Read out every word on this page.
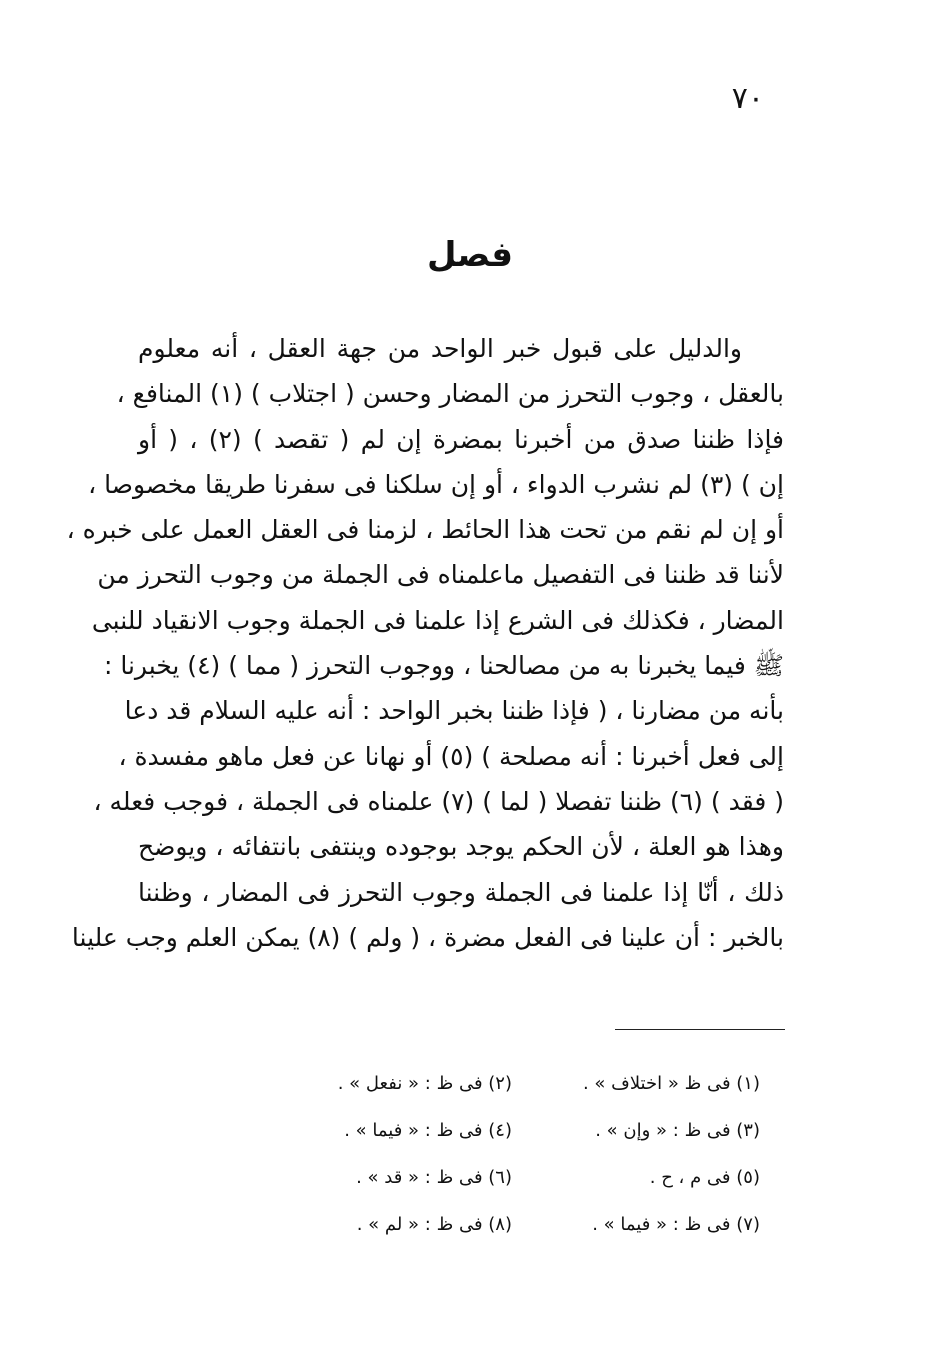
٧٠
فصل
والدليل على قبول خبر الواحد من جهة العقل ، أنه معلوم
بالعقل ، وجوب التحرز من المضار وحسن ( اجتلاب ) (١) المنافع ،
فإذا ظننا صدق من أخبرنا بمضرة إن لم ( تقصد ) (٢) ، ( أو
إن ) (٣) لم نشرب الدواء ، أو إن سلكنا فى سفرنا طريقا مخصوصا ،
أو إن لم نقم من تحت هذا الحائط ، لزمنا فى العقل العمل على خبره ،
لأننا قد ظننا فى التفصيل ماعلمناه فى الجملة من وجوب التحرز من
المضار ، فكذلك فى الشرع إذا علمنا فى الجملة وجوب الانقياد للنبى
ﷺ فيما يخبرنا به من مصالحنا ، ووجوب التحرز ( مما ) (٤) يخبرنا :
بأنه من مضارنا ، ( فإذا ظننا بخبر الواحد : أنه عليه السلام قد دعا
إلى فعل أخبرنا : أنه مصلحة ) (٥) أو نهانا عن فعل ماهو مفسدة ،
( فقد ) (٦) ظننا تفصلا ( لما ) (٧) علمناه فى الجملة ، فوجب فعله ،
وهذا هو العلة ، لأن الحكم يوجد بوجوده وينتفى بانتفائه ، ويوضح
ذلك ، أنّا إذا علمنا فى الجملة وجوب التحرز فى المضار ، وظننا
بالخبر : أن علينا فى الفعل مضرة ، ( ولم ) (٨) يمكن العلم وجب علينا
(١) فى ظ « اختلاف » .(٢) فى ظ : « نفعل » .
(٣) فى ظ : « وإن » .(٤) فى ظ : « فيما » .
(٥) فى م ، ح .(٦) فى ظ : « قد » .
(٧) فى ظ : « فيما » .(٨) فى ظ : « لم » .
